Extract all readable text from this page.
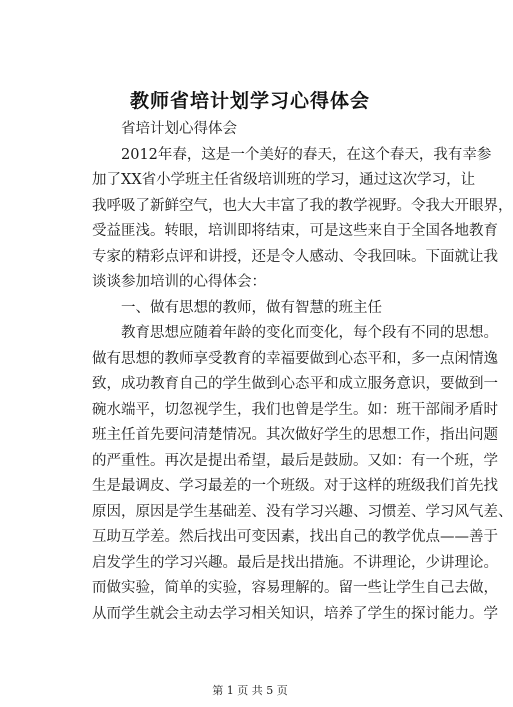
教师省培计划学习心得体会
省培计划心得体会
2012年春，这是一个美好的春天，在这个春天，我有幸参
加了XX省小学班主任省级培训班的学习，通过这次学习，让
我呼吸了新鲜空气，也大大丰富了我的教学视野。令我大开眼界，
受益匪浅。转眼，培训即将结束，可是这些来自于全国各地教育
专家的精彩点评和讲授，还是令人感动、令我回味。下面就让我
谈谈参加培训的心得体会：
一、做有思想的教师，做有智慧的班主任
教育思想应随着年龄的变化而变化，每个段有不同的思想。
做有思想的教师享受教育的幸福要做到心态平和，多一点闲情逸
致，成功教育自己的学生做到心态平和成立服务意识，要做到一
碗水端平，切忽视学生，我们也曾是学生。如：班干部闹矛盾时
班主任首先要问清楚情况。其次做好学生的思想工作，指出问题
的严重性。再次是提出希望，最后是鼓励。又如：有一个班，学
生是最调皮、学习最差的一个班级。对于这样的班级我们首先找
原因，原因是学生基础差、没有学习兴趣、习惯差、学习风气差、
互助互学差。然后找出可变因素，找出自己的教学优点——善于
启发学生的学习兴趣。最后是找出措施。不讲理论，少讲理论。
而做实验，简单的实验，容易理解的。留一些让学生自己去做，
从而学生就会主动去学习相关知识，培养了学生的探讨能力。学
第 1 页 共 5 页
